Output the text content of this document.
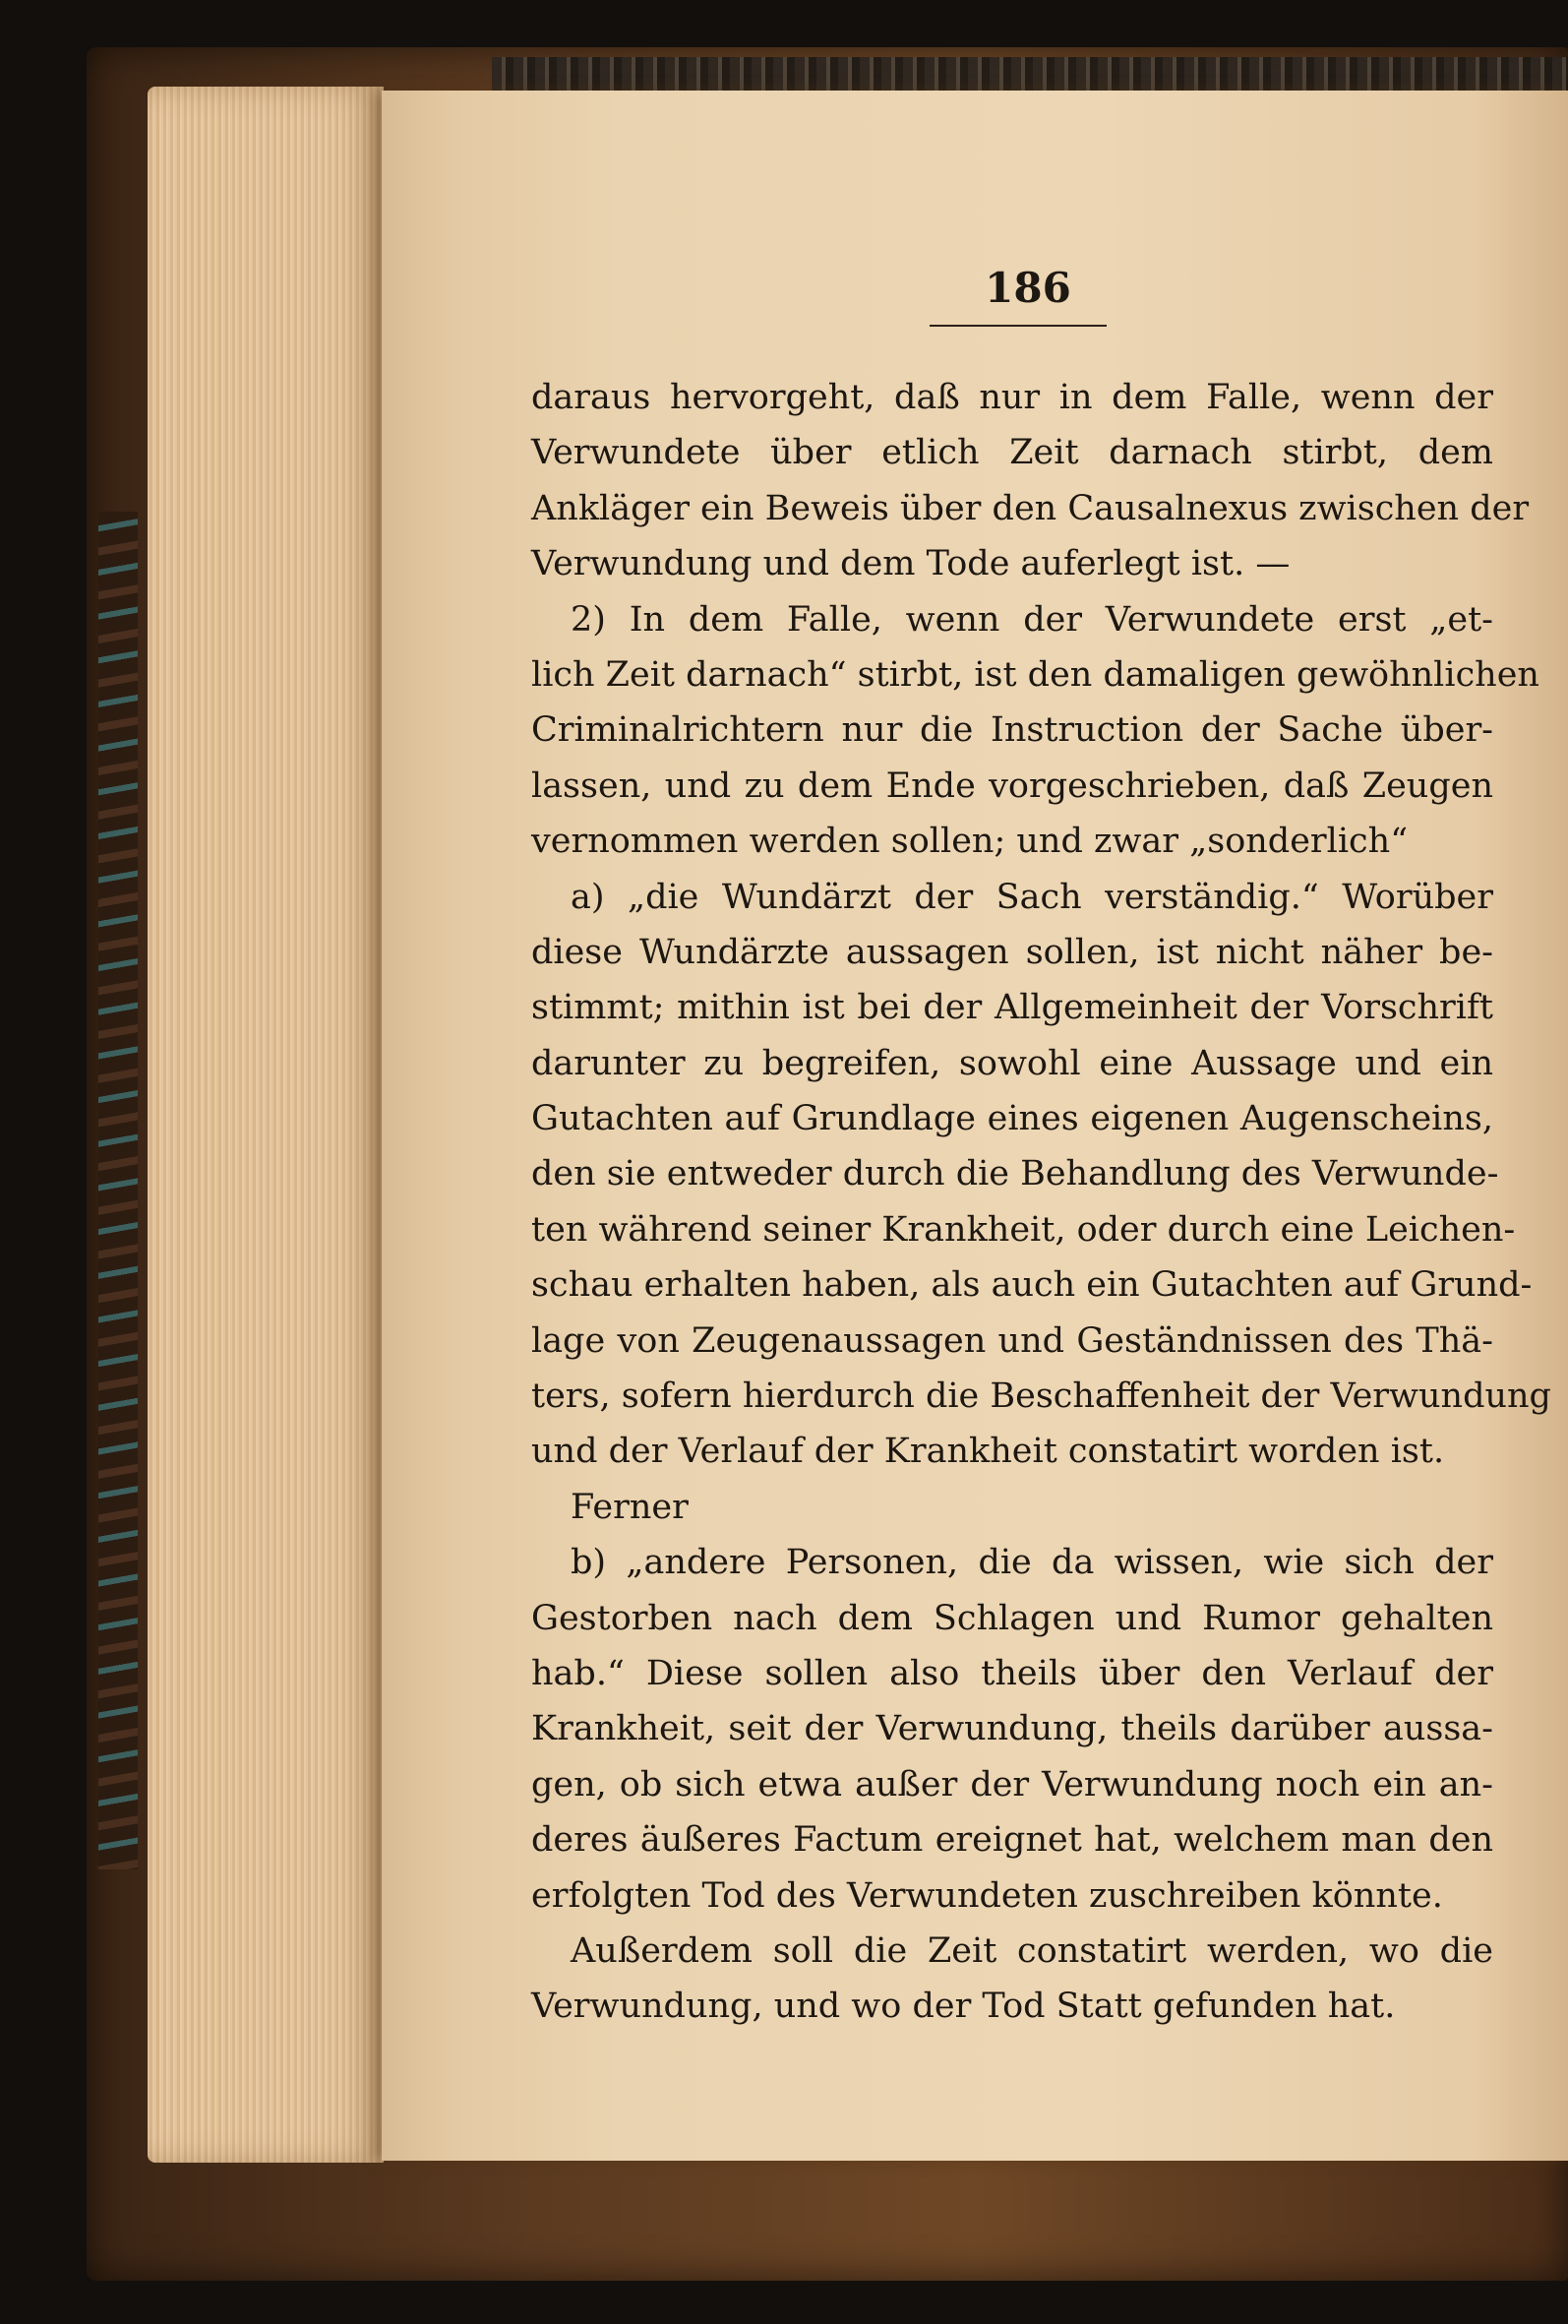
186
daraus hervorgeht, daß nur in dem Falle, wenn der
Verwundete über etlich Zeit darnach stirbt, dem
Ankläger ein Beweis über den Causalnexus zwischen der
Verwundung und dem Tode auferlegt ist. —
2) In dem Falle, wenn der Verwundete erst „et-
lich Zeit darnach“ stirbt, ist den damaligen gewöhnlichen
Criminalrichtern nur die Instruction der Sache über-
lassen, und zu dem Ende vorgeschrieben, daß Zeugen
vernommen werden sollen; und zwar „sonderlich“
a) „die Wundärzt der Sach verständig.“ Worüber
diese Wundärzte aussagen sollen, ist nicht näher be-
stimmt; mithin ist bei der Allgemeinheit der Vorschrift
darunter zu begreifen, sowohl eine Aussage und ein
Gutachten auf Grundlage eines eigenen Augenscheins,
den sie entweder durch die Behandlung des Verwunde-
ten während seiner Krankheit, oder durch eine Leichen-
schau erhalten haben, als auch ein Gutachten auf Grund-
lage von Zeugenaussagen und Geständnissen des Thä-
ters, sofern hierdurch die Beschaffenheit der Verwundung
und der Verlauf der Krankheit constatirt worden ist.
Ferner
b) „andere Personen, die da wissen, wie sich der
Gestorben nach dem Schlagen und Rumor gehalten
hab.“ Diese sollen also theils über den Verlauf der
Krankheit, seit der Verwundung, theils darüber aussa-
gen, ob sich etwa außer der Verwundung noch ein an-
deres äußeres Factum ereignet hat, welchem man den
erfolgten Tod des Verwundeten zuschreiben könnte.
Außerdem soll die Zeit constatirt werden, wo die
Verwundung, und wo der Tod Statt gefunden hat.
